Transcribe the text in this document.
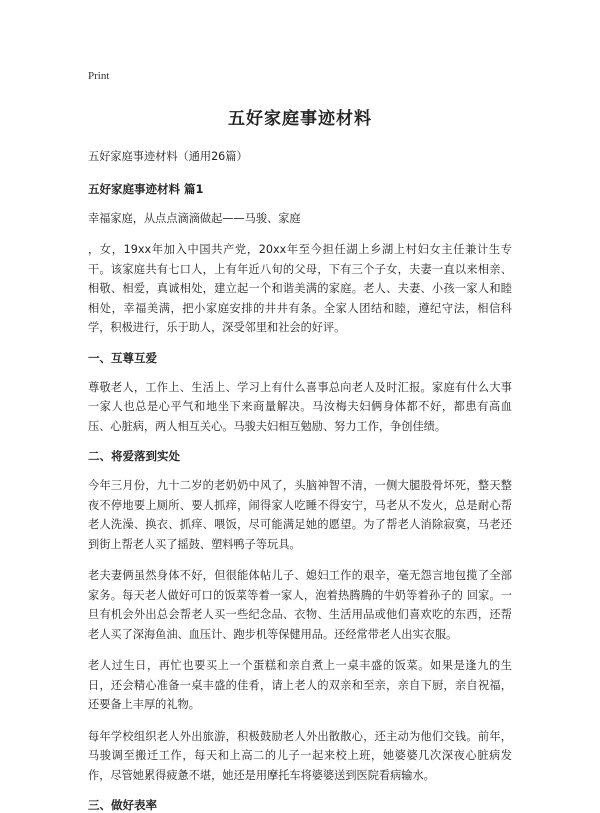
Print
五好家庭事迹材料

五好家庭事迹材料（通用26篇）

五好家庭事迹材料 篇1

幸福家庭，从点点滴滴做起——马骏、家庭

，女，19xx年加入中国共产党，20xx年至今担任湖上乡湖上村妇女主任兼计生专干。该家庭共有七口人，上有年近八旬的父母，下有三个子女，夫妻一直以来相亲、相敬、相爱，真诚相处，建立起一个和谐美满的家庭。老人、夫妻、小孩一家人和睦相处，幸福美满，把小家庭安排的井井有条。全家人团结和睦，遵纪守法，相信科学，积极进行，乐于助人，深受邻里和社会的好评。

一、互尊互爱

尊敬老人，工作上、生活上、学习上有什么喜事总向老人及时汇报。家庭有什么大事一家人也总是心平气和地坐下来商量解决。马汝梅夫妇俩身体都不好，都患有高血压、心脏病，两人相互关心。马骏夫妇相互勉励、努力工作，争创佳绩。

二、将爱落到实处

今年三月份，九十二岁的老奶奶中风了，头脑神智不清，一侧大腿股骨坏死，整天整夜不停地要上厕所、要人抓痒，闹得家人吃睡不得安宁，马老从不发火，总是耐心帮老人洗澡、换衣、抓痒、喂饭，尽可能满足她的愿望。为了帮老人消除寂寞，马老还到街上帮老人买了摇鼓、塑料鸭子等玩具。

老夫妻俩虽然身体不好，但很能体帖儿子、媳妇工作的艰辛，毫无怨言地包揽了全部家务。每天老人做好可口的饭菜等着一家人，泡着热腾腾的牛奶等着孙子的 回家。一旦有机会外出总会帮老人买一些纪念品、衣物、生活用品或他们喜欢吃的东西，还帮老人买了深海鱼油、血压计、跑步机等保健用品。还经常带老人出实衣服。

老人过生日，再忙也要买上一个蛋糕和亲自煮上一桌丰盛的饭菜。如果是逢九的生日，还会精心准备一桌丰盛的佳肴，请上老人的双亲和至亲，亲自下厨，亲自祝福，还要备上丰厚的礼物。

每年学校组织老人外出旅游，积极鼓励老人外出散散心，还主动为他们交钱。前年，马骏调至搬迁工作，每天和上高二的儿子一起来校上班，她婆婆几次深夜心脏病发作，尽管她累得疲惫不堪，她还是用摩托车将婆婆送到医院看病输水。

三、做好表率
